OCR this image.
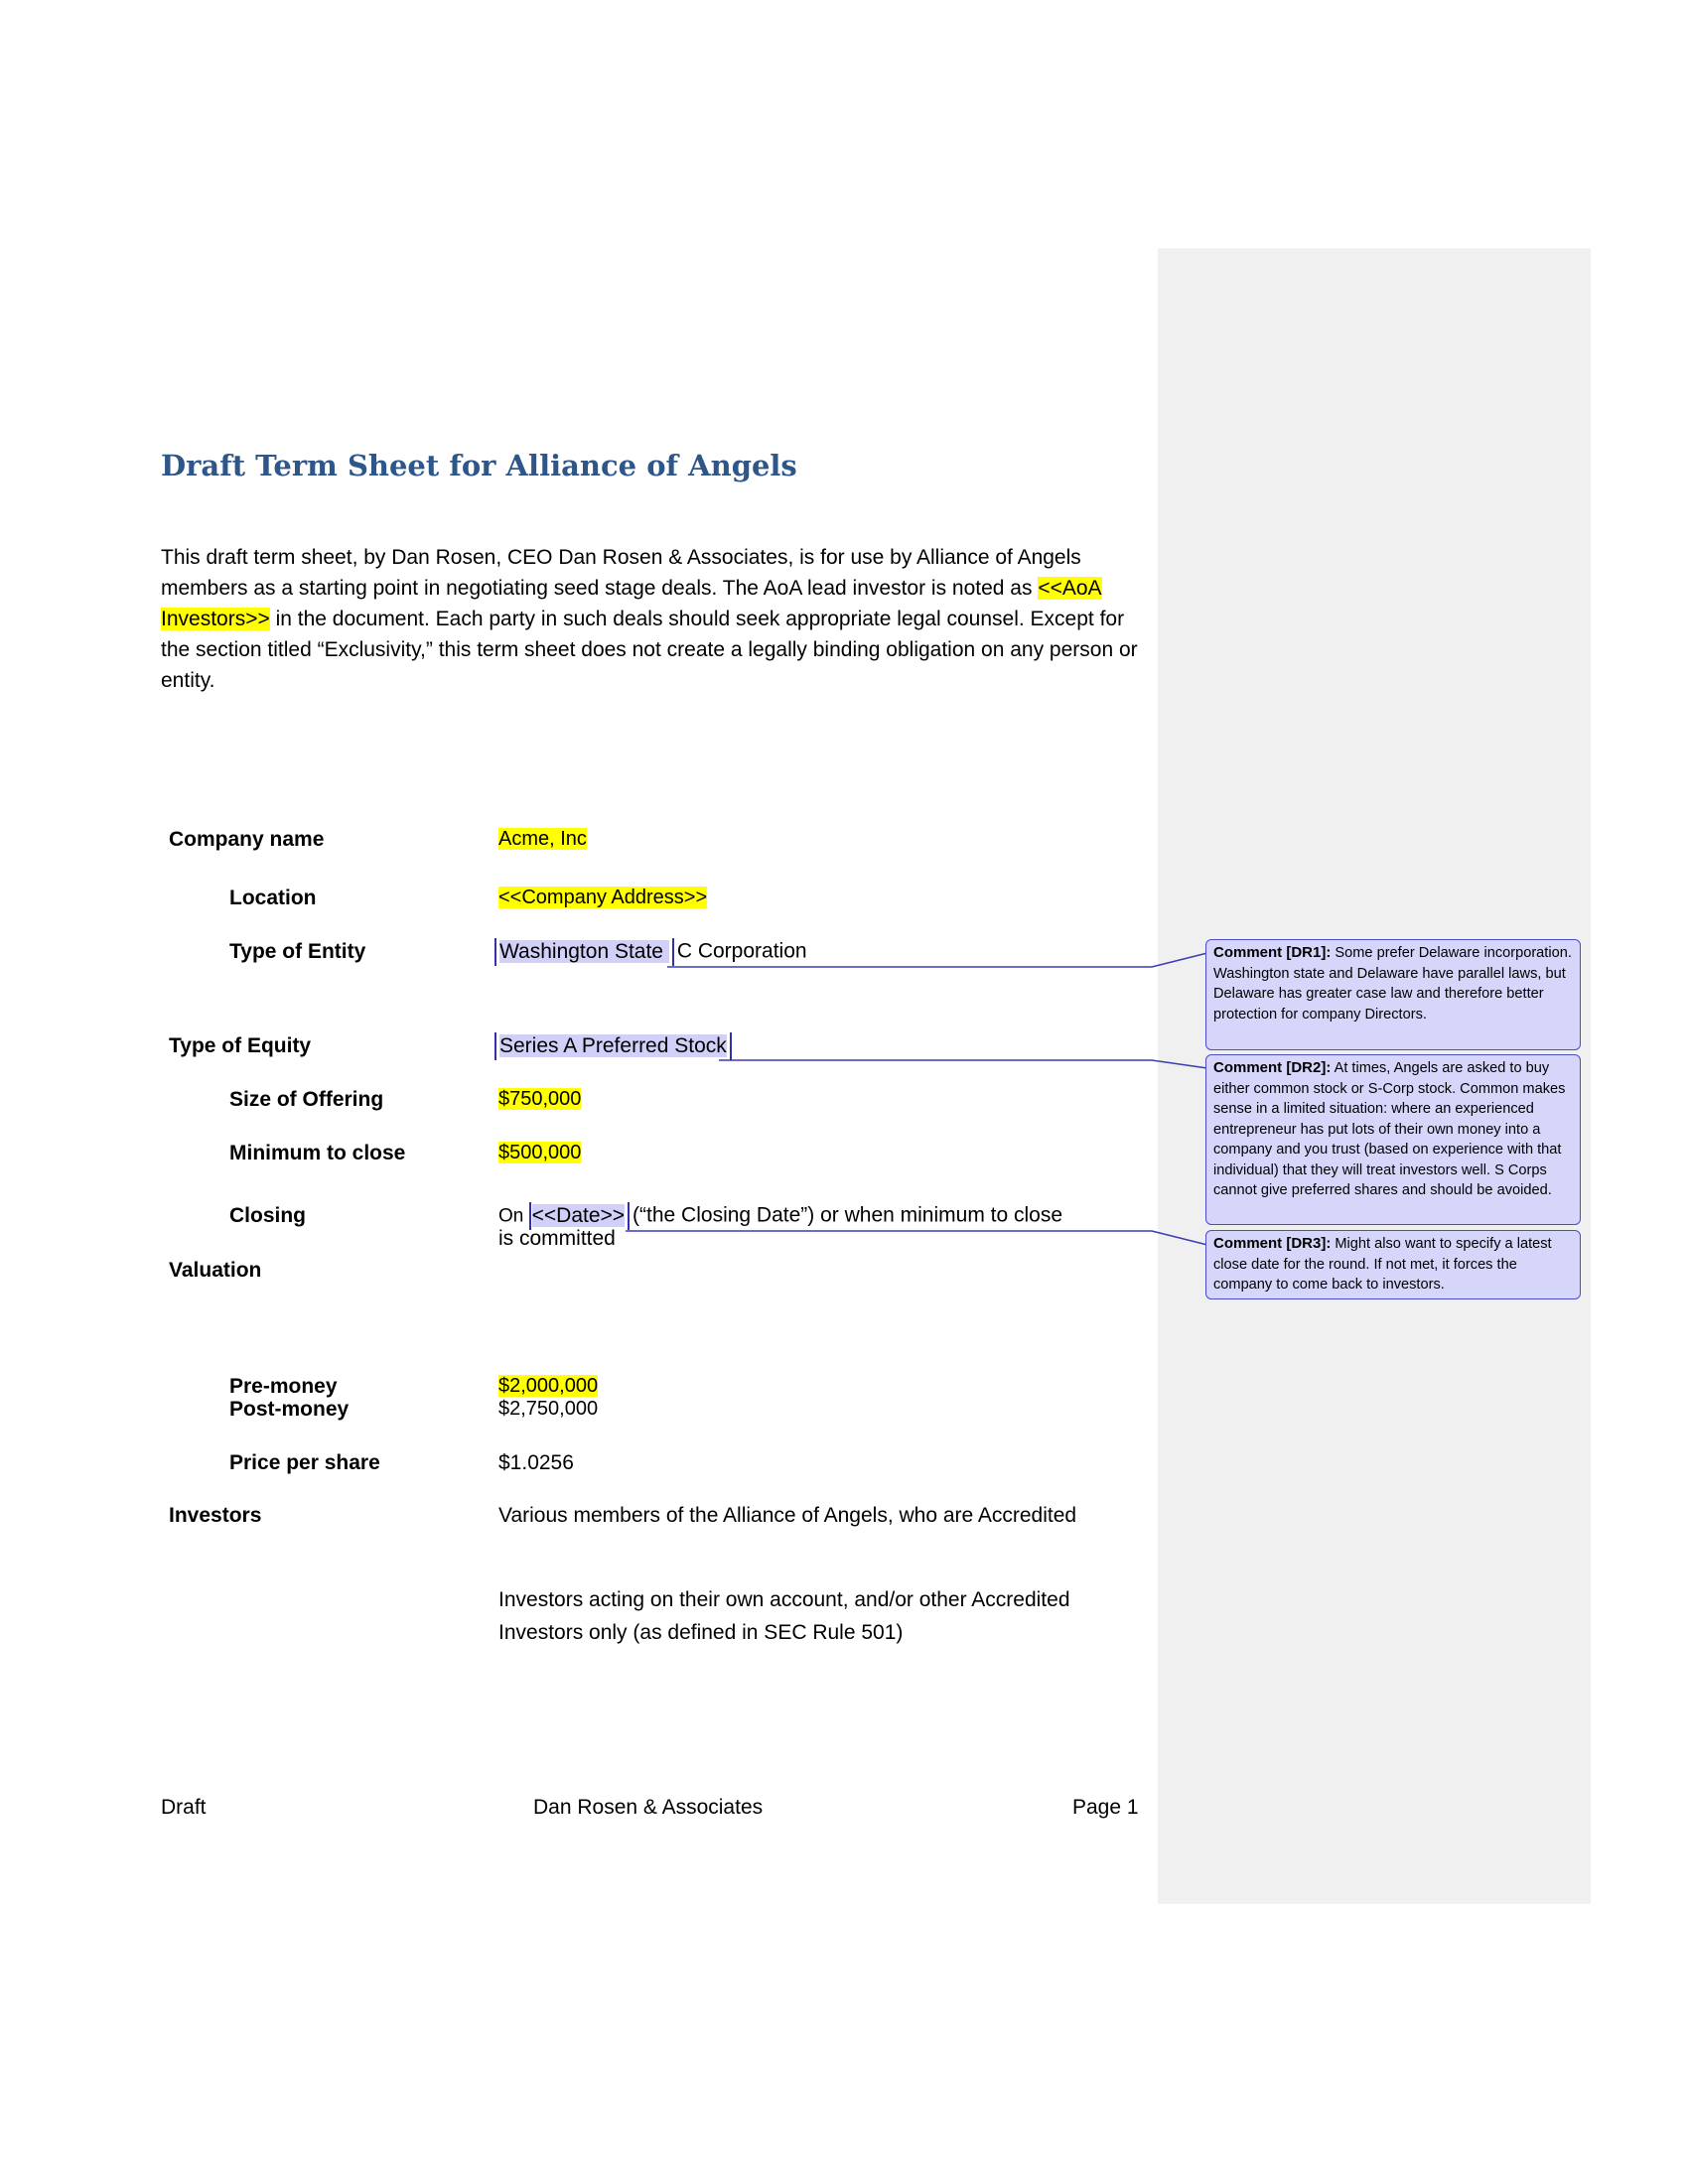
Draft Term Sheet for Alliance of Angels
This draft term sheet, by Dan Rosen, CEO Dan Rosen & Associates, is for use by Alliance of Angels members as a starting point in negotiating seed stage deals. The AoA lead investor is noted as <<AoA Investors>> in the document. Each party in such deals should seek appropriate legal counsel. Except for the section titled “Exclusivity,” this term sheet does not create a legally binding obligation on any person or entity.
Company name	Acme, Inc
Location	<<Company Address>>
Type of Entity	Washington State C Corporation
Type of Equity	Series A Preferred Stock
Size of Offering	$750,000
Minimum to close	$500,000
Closing	On <<Date>> (“the Closing Date”) or when minimum to close
is committed
Valuation
Pre-money	$2,000,000
Post-money	$2,750,000
Price per share	$1.0256
Investors	Various members of the Alliance of Angels, who are Accredited
Investors acting on their own account, and/or other Accredited
Investors only (as defined in SEC Rule 501)
Comment [DR1]: Some prefer Delaware incorporation. Washington state and Delaware have parallel laws, but Delaware has greater case law and therefore better protection for company Directors.
Comment [DR2]: At times, Angels are asked to buy either common stock or S-Corp stock. Common makes sense in a limited situation: where an experienced entrepreneur has put lots of their own money into a company and you trust (based on experience with that individual) that they will treat investors well. S Corps cannot give preferred shares and should be avoided.
Comment [DR3]: Might also want to specify a latest close date for the round. If not met, it forces the company to come back to investors.
Draft	Dan Rosen & Associates	Page 1
